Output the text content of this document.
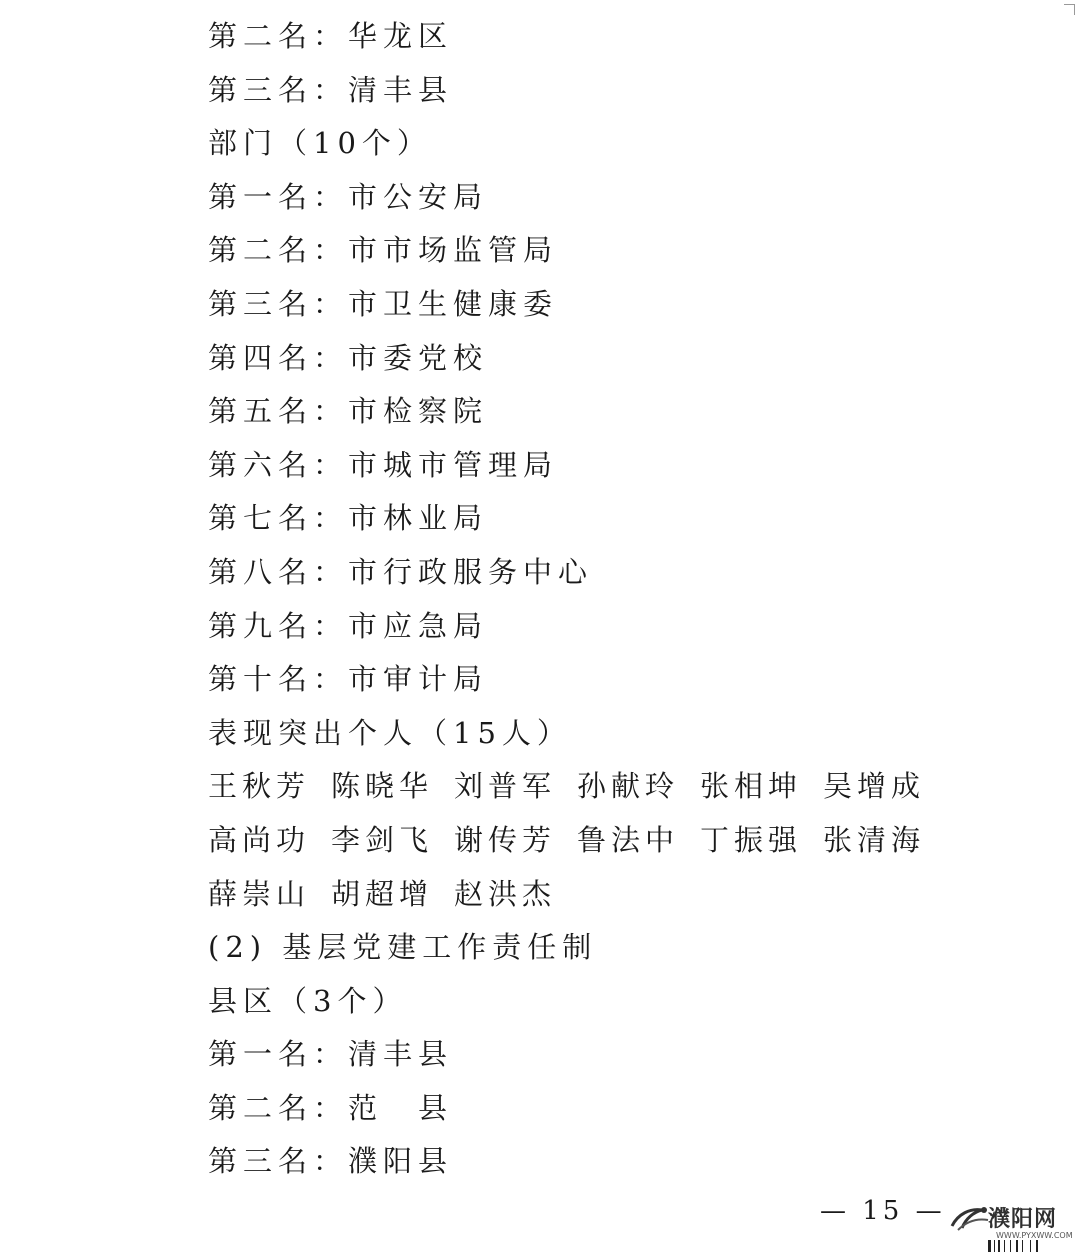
第二名：华龙区
第三名：清丰县
部门（10个）
第一名：市公安局
第二名：市市场监管局
第三名：市卫生健康委
第四名：市委党校
第五名：市检察院
第六名：市城市管理局
第七名：市林业局
第八名：市行政服务中心
第九名：市应急局
第十名：市审计局
表现突出个人（15人）
王秋芳 陈晓华 刘普军 孙献玲 张相坤 吴增成
高尚功 李剑飞 谢传芳 鲁法中 丁振强 张清海
薛崇山 胡超增 赵洪杰
(2) 基层党建工作责任制
县区（3个）
第一名：清丰县
第二名：范　县
第三名：濮阳县
— 15 — 濮阳网
WWW.PYXWW.COM
